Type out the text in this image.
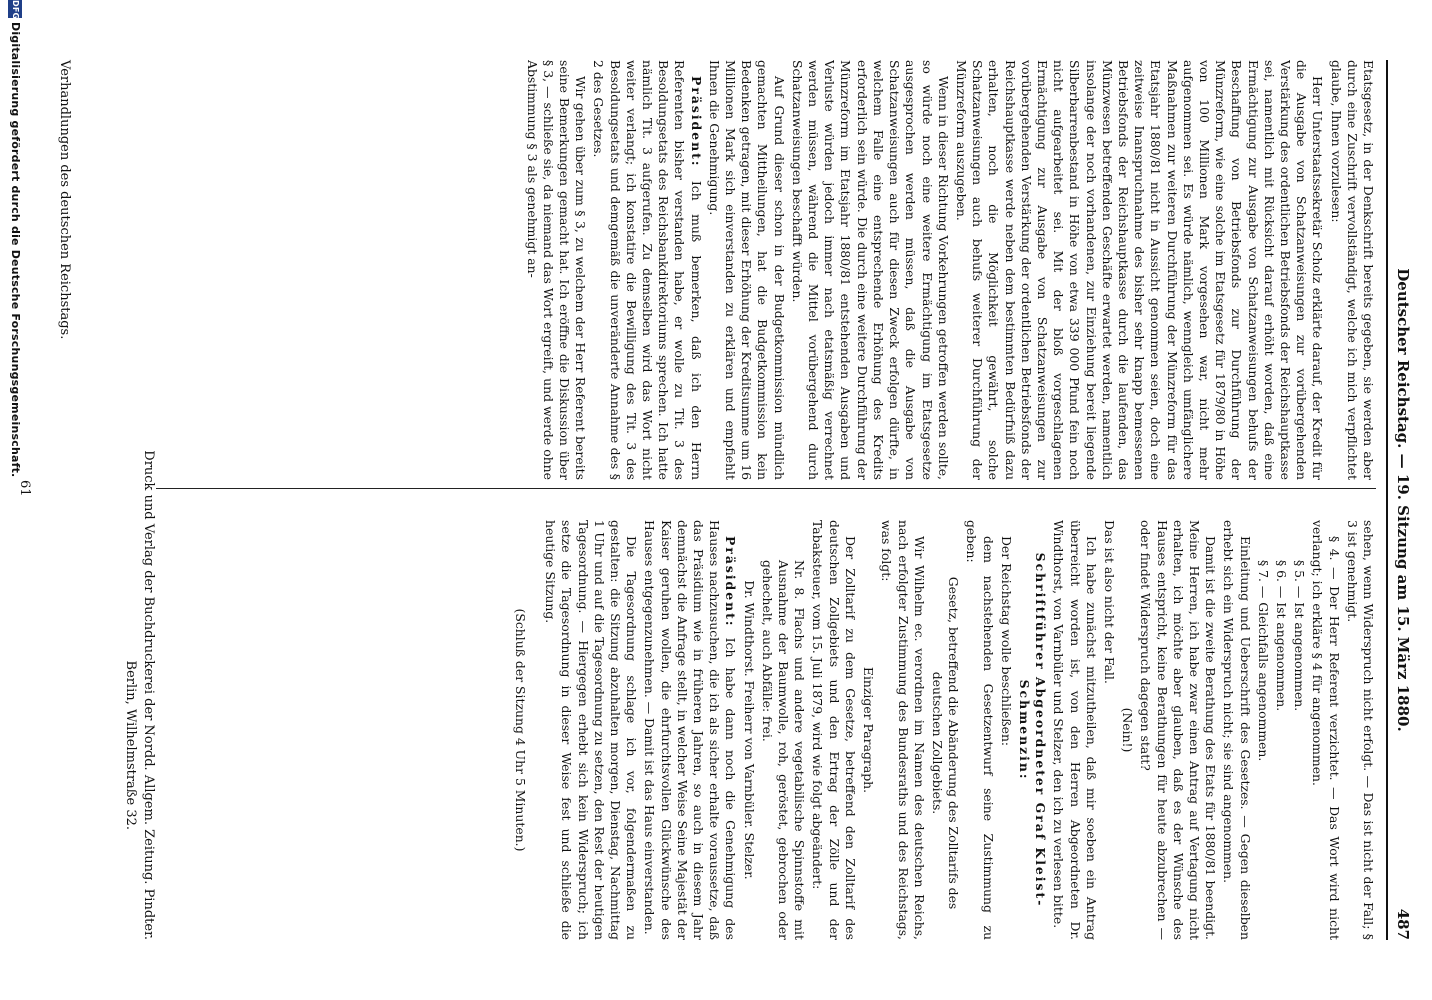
Deutscher Reichstag. — 19. Sitzung am 15. März 1880.
487

Etatsgesetz, in der Denkschrift bereits gegeben, sie werden aber durch eine Zuschrift vervollständigt, welche ich mich verpflichtet glaube, Ihnen vorzulesen:

Herr Unterstaatssekretär Scholz erklärte darauf, der Kredit für die Ausgabe von Schatzanweisungen zur vorübergehenden Verstärkung des ordentlichen Betriebsfonds der Reichshauptkasse sei, namentlich mit Rücksicht darauf erhöht worden, daß eine Ermächtigung zur Ausgabe von Schatzanweisungen behufs der Beschaffung von Betriebsfonds zur Durchführung der Münzreform, wie eine solche im Etatsgesetz für 1879/80 in Höhe von 100 Millionen Mark vorgesehen war, nicht mehr aufgenommen sei. Es würde nämlich, wenngleich umfänglichere Maßnahmen zur weiteren Durchführung der Münzreform für das Etatsjahr 1880/81 nicht in Aussicht genommen seien, doch eine zeitweise Inanspruchnahme des bisher sehr knapp bemessenen Betriebsfonds der Reichshauptkasse durch die laufenden, das Münzwesen betreffenden Geschäfte erwartet werden, namentlich insolange der noch vorhandenen, zur Einziehung bereit liegende Silberbarrenbestand in Höhe von etwa 339 000 Pfund fein noch nicht aufgearbeitet sei. Mit der bloß vorgeschlagenen Ermächtigung zur Ausgabe von Schatzanweisungen zur vorübergehenden Verstärkung der ordentlichen Betriebsfonds der Reichshauptkasse werde neben dem bestimmten Bedürfniß dazu erhalten, noch die Möglichkeit gewährt, solche Schatzanweisungen auch behufs weiterer Durchführung der Münzreform auszugeben.

Wenn in dieser Richtung Vorkehrungen getroffen werden sollte, so würde noch eine weitere Ermächtigung im Etatsgesetze ausgesprochen werden müssen, daß die Ausgabe von Schatzanweisungen auch für diesen Zweck erfolgen dürfte, in welchem Falle eine entsprechende Erhöhung des Kredits erforderlich sein würde. Die durch eine weitere Durchführung der Münzreform im Etatsjahr 1880/81 entstehenden Ausgaben und Verluste würden jedoch immer nach etatsmäßig verrechnet werden müssen, während die Mittel vorübergehend durch Schatzanweisungen beschafft würden.

Auf Grund dieser schon in der Budgetkommission mündlich gemachten Mittheilungen, hat die Budgetkommission kein Bedenken getragen, mit dieser Erhöhung der Kreditsumme um 16 Millionen Mark sich einverstanden zu erklären und empfiehlt Ihnen die Genehmigung.

Präsident: Ich muß bemerken, daß ich den Herrn Referenten bisher verstanden habe, er wolle zu Tit. 3 des Besoldungsetats des Reichsbankdirektoriums sprechen. Ich hatte nämlich Tit. 3 aufgerufen. Zu demselben wird das Wort nicht weiter verlangt; ich konstatire die Bewilligung des Tit. 3 des Besoldungsetats und demgemäß die unveränderte Annahme des § 2 des Gesetzes.

Wir gehen über zum § 3, zu welchem der Herr Referent bereits seine Bemerkungen gemacht hat. Ich eröffne die Diskussion über § 3, — schließe sie, da niemand das Wort ergreift, und werde ohne Abstimmung § 3 als genehmigt an-

sehen, wenn Widerspruch nicht erfolgt. — Das ist nicht der Fall; § 3 ist genehmigt.

§ 4. — Der Herr Referent verzichtet. — Das Wort wird nicht verlangt; ich erkläre § 4 für angenommen.

§ 5. — Ist angenommen.

§ 6. — Ist angenommen.

§ 7. — Gleichfalls angenommen.

Einleitung und Ueberschrift des Gesetzes. — Gegen dieselben erhebt sich ein Widerspruch nicht; sie sind angenommen.

Damit ist die zweite Berathung des Etats für 1880/81 beendigt. Meine Herren, ich habe zwar einen Antrag auf Vertagung nicht erhalten, ich möchte aber glauben, daß es der Wünsche des Hauses entspricht, keine Berathungen für heute abzubrechen — oder findet Widerspruch dagegen statt?

(Nein!)

Das ist also nicht der Fall.

Ich habe zunächst mitzutheilen, daß mir soeben ein Antrag überreicht worden ist, von den Herren Abgeordneten Dr. Windthorst, von Varnbüler und Stelzer, den ich zu verlesen bitte.

Schriftführer Abgeordneter Graf Kleist-Schmenzin:

Der Reichstag wolle beschließen:

dem nachstehenden Gesetzentwurf seine Zustimmung zu geben:

Gesetz, betreffend die Abänderung des Zolltarifs des deutschen Zollgebiets.

Wir Wilhelm ec. verordnen im Namen des deutschen Reichs, nach erfolgter Zustimmung des Bundesraths und des Reichstags, was folgt:

Einziger Paragraph.

Der Zolltarif zu dem Gesetze, betreffend den Zolltarif des deutschen Zollgebiets und den Ertrag der Zölle und der Tabaksteuer, vom 15. Juli 1879, wird wie folgt abgeändert:

Nr. 8. Flachs und andere vegetabilische Spinnstoffe mit Ausnahme der Baumwolle, roh, geröstet, gebrochen oder gehechelt, auch Abfälle: frei.

Dr. Windthorst. Freiherr von Varnbüler. Stelzer.

Präsident: Ich habe dann noch die Genehmigung des Hauses nachzusuchen, die ich als sicher erhalte voraussetze, daß das Präsidium wie in früheren Jahren, so auch in diesem Jahr demnächst die Anfrage stellt, in welcher Weise Seine Majestät der Kaiser geruhen wollen, die ehrfurchtsvollen Glückwünsche des Hauses entgegenzunehmen. — Damit ist das Haus einverstanden.

Die Tagesordnung schlage ich vor, folgendermaßen zu gestalten: die Sitzung abzuhalten morgen, Dienstag, Nachmittag 1 Uhr und auf die Tagesordnung zu setzen, den Rest der heutigen Tagesordnung. — Hiergegen erhebt sich kein Widerspruch; ich setze die Tagesordnung in dieser Weise fest und schließe die heutige Sitzung.

(Schluß der Sitzung 4 Uhr 5 Minuten.)

Druck und Verlag der Buchdruckerei der Nordd. Allgem. Zeitung. Pindter.
Berlin, Wilhelmstraße 32.
Verhandlungen des deutschen Reichstags.
61
DFGDigitalisierung gefördert durch die Deutsche Forschungsgemeinschaft.
